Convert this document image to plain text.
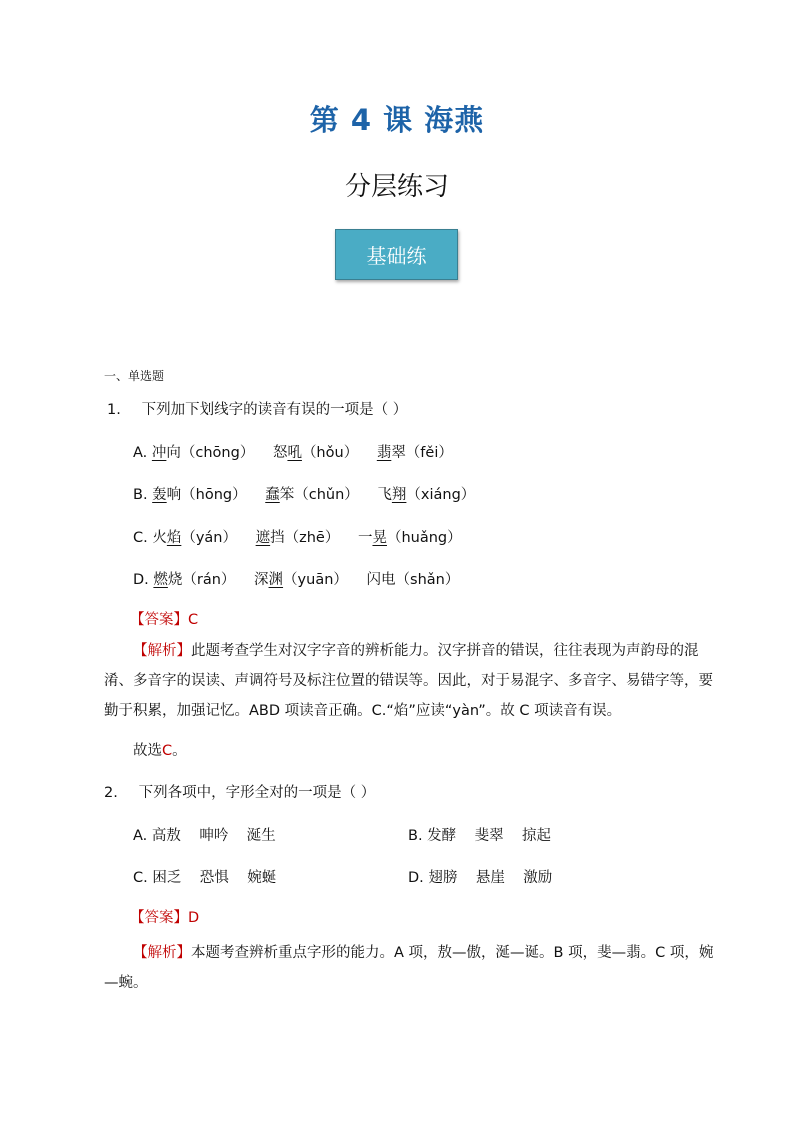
第 4 课 海燕
分层练习
基础练
一、单选题
1. 下列加下划线字的读音有误的一项是（ ）
A. 冲向（chōng） 怒吼（hǒu） 翡翠（fěi）
B. 轰响（hōng） 蠢笨（chǔn） 飞翔（xiáng）
C. 火焰（yán） 遮挡（zhē） 一晃（huǎng）
D. 燃烧（rán） 深渊（yuān） 闪电（shǎn）
【答案】C
【解析】此题考查学生对汉字字音的辨析能力。汉字拼音的错误，往往表现为声韵母的混淆、多音字的误读、声调符号及标注位置的错误等。因此，对于易混字、多音字、易错字等，要勤于积累，加强记忆。ABD 项读音正确。C.“焰”应读“yàn”。故 C 项读音有误。
故选C。
2. 下列各项中，字形全对的一项是（ ）
A. 高敖    呻吟    涎生	B. 发酵    斐翠    掠起
C. 困乏    恐惧    婉蜒	D. 翅膀    悬崖    激励
【答案】D
【解析】本题考查辨析重点字形的能力。A 项，敖—傲，涎—诞。B 项，斐—翡。C 项，婉—蜿。
